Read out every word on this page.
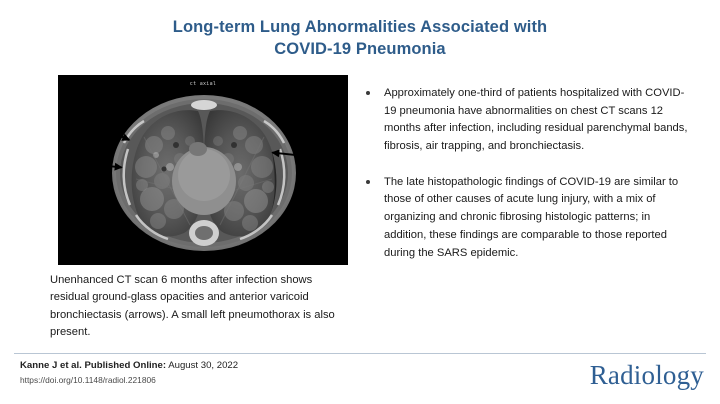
Long-term Lung Abnormalities Associated with
COVID-19 Pneumonia
ct axial
Unenhanced CT scan 6 months after infection shows residual ground-glass opacities and anterior varicoid bronchiectasis (arrows). A small left pneumothorax is also present.
Approximately one-third of patients hospitalized with COVID-19 pneumonia have abnormalities on chest CT scans 12 months after infection, including residual parenchymal bands, fibrosis, air trapping, and bronchiectasis.
The late histopathologic findings of COVID-19 are similar to those of other causes of acute lung injury, with a mix of organizing and chronic fibrosing histologic patterns; in addition, these findings are comparable to those reported during the SARS epidemic.
Kanne J et al. Published Online: August 30, 2022
https://doi.org/10.1148/radiol.221806	Radiology
